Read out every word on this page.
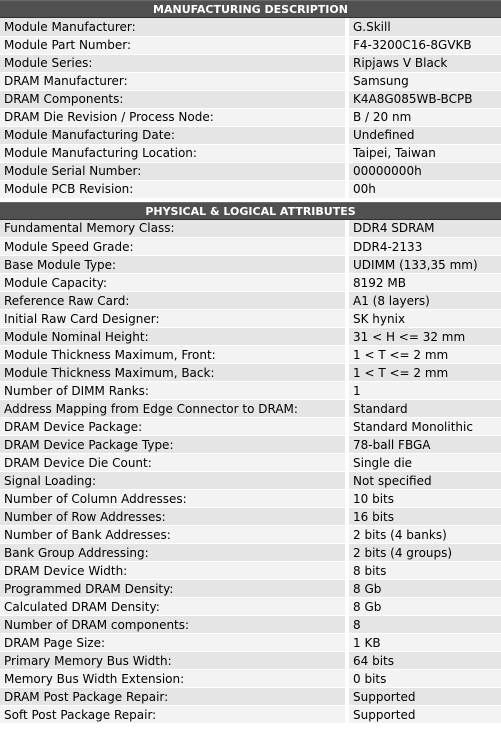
MANUFACTURING DESCRIPTION
Module Manufacturer:	G.Skill
Module Part Number:	F4-3200C16-8GVKB
Module Series:	Ripjaws V Black
DRAM Manufacturer:	Samsung
DRAM Components:	K4A8G085WB-BCPB
DRAM Die Revision / Process Node:	B / 20 nm
Module Manufacturing Date:	Undefined
Module Manufacturing Location:	Taipei, Taiwan
Module Serial Number:	00000000h
Module PCB Revision:	00h
PHYSICAL & LOGICAL ATTRIBUTES
Fundamental Memory Class:	DDR4 SDRAM
Module Speed Grade:	DDR4-2133
Base Module Type:	UDIMM (133,35 mm)
Module Capacity:	8192 MB
Reference Raw Card:	A1 (8 layers)
Initial Raw Card Designer:	SK hynix
Module Nominal Height:	31 < H <= 32 mm
Module Thickness Maximum, Front:	1 < T <= 2 mm
Module Thickness Maximum, Back:	1 < T <= 2 mm
Number of DIMM Ranks:	1
Address Mapping from Edge Connector to DRAM:	Standard
DRAM Device Package:	Standard Monolithic
DRAM Device Package Type:	78-ball FBGA
DRAM Device Die Count:	Single die
Signal Loading:	Not specified
Number of Column Addresses:	10 bits
Number of Row Addresses:	16 bits
Number of Bank Addresses:	2 bits (4 banks)
Bank Group Addressing:	2 bits (4 groups)
DRAM Device Width:	8 bits
Programmed DRAM Density:	8 Gb
Calculated DRAM Density:	8 Gb
Number of DRAM components:	8
DRAM Page Size:	1 KB
Primary Memory Bus Width:	64 bits
Memory Bus Width Extension:	0 bits
DRAM Post Package Repair:	Supported
Soft Post Package Repair:	Supported
